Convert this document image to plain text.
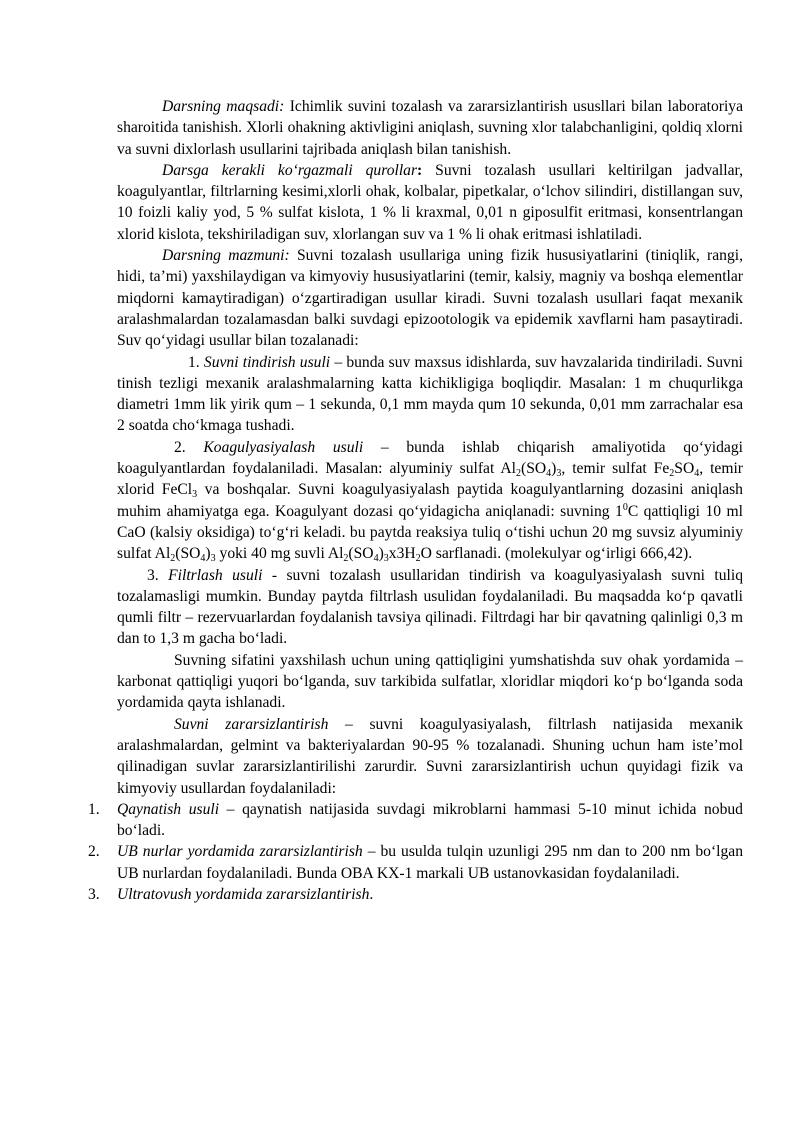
Darsning maqsadi: Ichimlik suvini tozalash va zararsizlantirish ususllari bilan laboratoriya sharoitida tanishish. Xlorli ohakning aktivligini aniqlash, suvning xlor talabchanligini, qoldiq xlorni va suvni dixlorlash usullarini tajribada aniqlash bilan tanishish.

Darsga kerakli ko‘rgazmali qurollar: Suvni tozalash usullari keltirilgan jadvallar, koagulyantlar, filtrlarning kesimi,xlorli ohak, kolbalar, pipetkalar, o‘lchov silindiri, distillangan suv, 10 foizli kaliy yod, 5 % sulfat kislota, 1 % li kraxmal, 0,01 n giposulfit eritmasi, konsentrlangan xlorid kislota, tekshiriladigan suv, xlorlangan suv va 1 % li ohak eritmasi ishlatiladi.

Darsning mazmuni: Suvni tozalash usullariga uning fizik hususiyatlarini (tiniqlik, rangi, hidi, ta’mi) yaxshilaydigan va kimyoviy hususiyatlarini (temir, kalsiy, magniy va boshqa elementlar miqdorni kamaytiradigan) o‘zgartiradigan usullar kiradi. Suvni tozalash usullari faqat mexanik aralashmalardan tozalamasdan balki suvdagi epizootologik va epidemik xavflarni ham pasaytiradi. Suv qo‘yidagi usullar bilan tozalanadi:

1. Suvni tindirish usuli – bunda suv maxsus idishlarda, suv havzalarida tindiriladi. Suvni tinish tezligi mexanik aralashmalarning katta kichikligiga boqliqdir. Masalan: 1 m chuqurlikga diametri 1mm lik yirik qum – 1 sekunda, 0,1 mm mayda qum 10 sekunda, 0,01 mm zarrachalar esa 2 soatda cho‘kmaga tushadi.

2. Koagulyasiyalash usuli – bunda ishlab chiqarish amaliyotida qo‘yidagi koagulyantlardan foydalaniladi. Masalan: alyuminiy sulfat $Al_2(SO_4)_3$, temir sulfat $Fe_2SO_4$, temir xlorid FeCl$_3$ va boshqalar. Suvni koagulyasiyalash paytida koagulyantlarning dozasini aniqlash muhim ahamiyatga ega. Koagulyant dozasi qo‘yidagicha aniqlanadi: suvning $1^0C$ qattiqligi 10 ml CaO (kalsiy oksidiga) to‘g‘ri keladi. bu paytda reaksiya tuliq o‘tishi uchun 20 mg suvsiz alyuminiy sulfat $Al_2(SO_4)_3$ yoki 40 mg suvli $Al_2(SO_4)_3x3H_2O$ sarflanadi. (molekulyar og‘irligi 666,42).

3. Filtrlash usuli - suvni tozalash usullaridan tindirish va koagulyasiyalash suvni tuliq tozalamasligi mumkin. Bunday paytda filtrlash usulidan foydalaniladi. Bu maqsadda ko‘p qavatli qumli filtr – rezervuarlardan foydalanish tavsiya qilinadi. Filtrdagi har bir qavatning qalinligi 0,3 m dan to 1,3 m gacha bo‘ladi.

Suvning sifatini yaxshilash uchun uning qattiqligini yumshatishda suv ohak yordamida – karbonat qattiqligi yuqori bo‘lganda, suv tarkibida sulfatlar, xloridlar miqdori ko‘p bo‘lganda soda yordamida qayta ishlanadi.

Suvni zararsizlantirish – suvni koagulyasiyalash, filtrlash natijasida mexanik aralashmalardan, gelmint va bakteriyalardan 90-95 % tozalanadi. Shuning uchun ham iste’mol qilinadigan suvlar zararsizlantirilishi zarurdir. Suvni zararsizlantirish uchun quyidagi fizik va kimyoviy usullardan foydalaniladi:

1. Qaynatish usuli – qaynatish natijasida suvdagi mikroblarni hammasi 5-10 minut ichida nobud bo‘ladi.
2. UB nurlar yordamida zararsizlantirish – bu usulda tulqin uzunligi 295 nm dan to 200 nm bo‘lgan UB nurlardan foydalaniladi. Bunda OBA KX-1 markali UB ustanovkasidan foydalaniladi.
3. Ultratovush yordamida zararsizlantirish.
